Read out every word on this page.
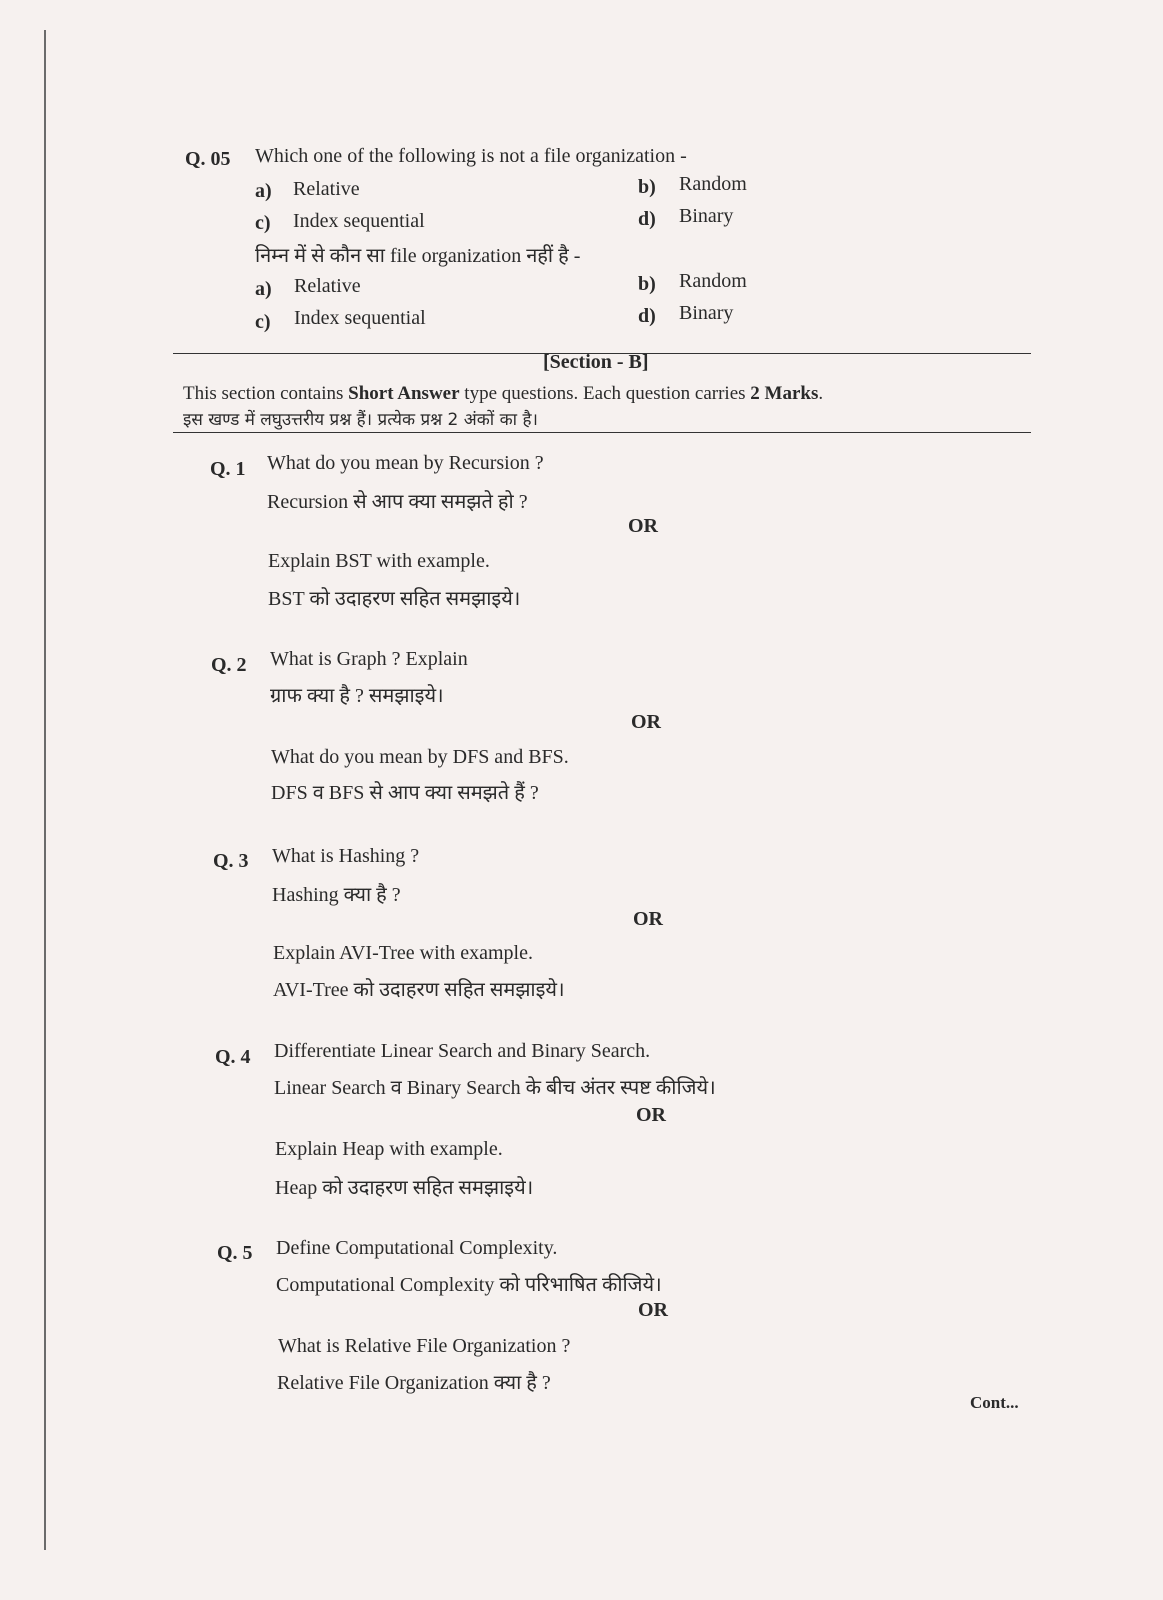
Q. 05 Which one of the following is not a file organization -
a) Relative	b) Random
c) Index sequential	d) Binary
निम्न में से कौन सा file organization नहीं है -
a) Relative	b) Random
c) Index sequential	d) Binary
[Section - B]
This section contains Short Answer type questions. Each question carries 2 Marks.
इस खण्ड में लघुउत्तरीय प्रश्न हैं। प्रत्येक प्रश्न 2 अंकों का है।
Q. 1 What do you mean by Recursion ?
Recursion से आप क्या समझते हो ?
OR
Explain BST with example.
BST को उदाहरण सहित समझाइये।
Q. 2 What is Graph ? Explain
ग्राफ क्या है ? समझाइये।
OR
What do you mean by DFS and BFS.
DFS व BFS से आप क्या समझते हैं ?
Q. 3 What is Hashing ?
Hashing क्या है ?
OR
Explain AVI-Tree with example.
AVI-Tree को उदाहरण सहित समझाइये।
Q. 4 Differentiate Linear Search and Binary Search.
Linear Search व Binary Search के बीच अंतर स्पष्ट कीजिये।
OR
Explain Heap with example.
Heap को उदाहरण सहित समझाइये।
Q. 5 Define Computational Complexity.
Computational Complexity को परिभाषित कीजिये।
OR
What is Relative File Organization ?
Relative File Organization क्या है ?
Cont...
